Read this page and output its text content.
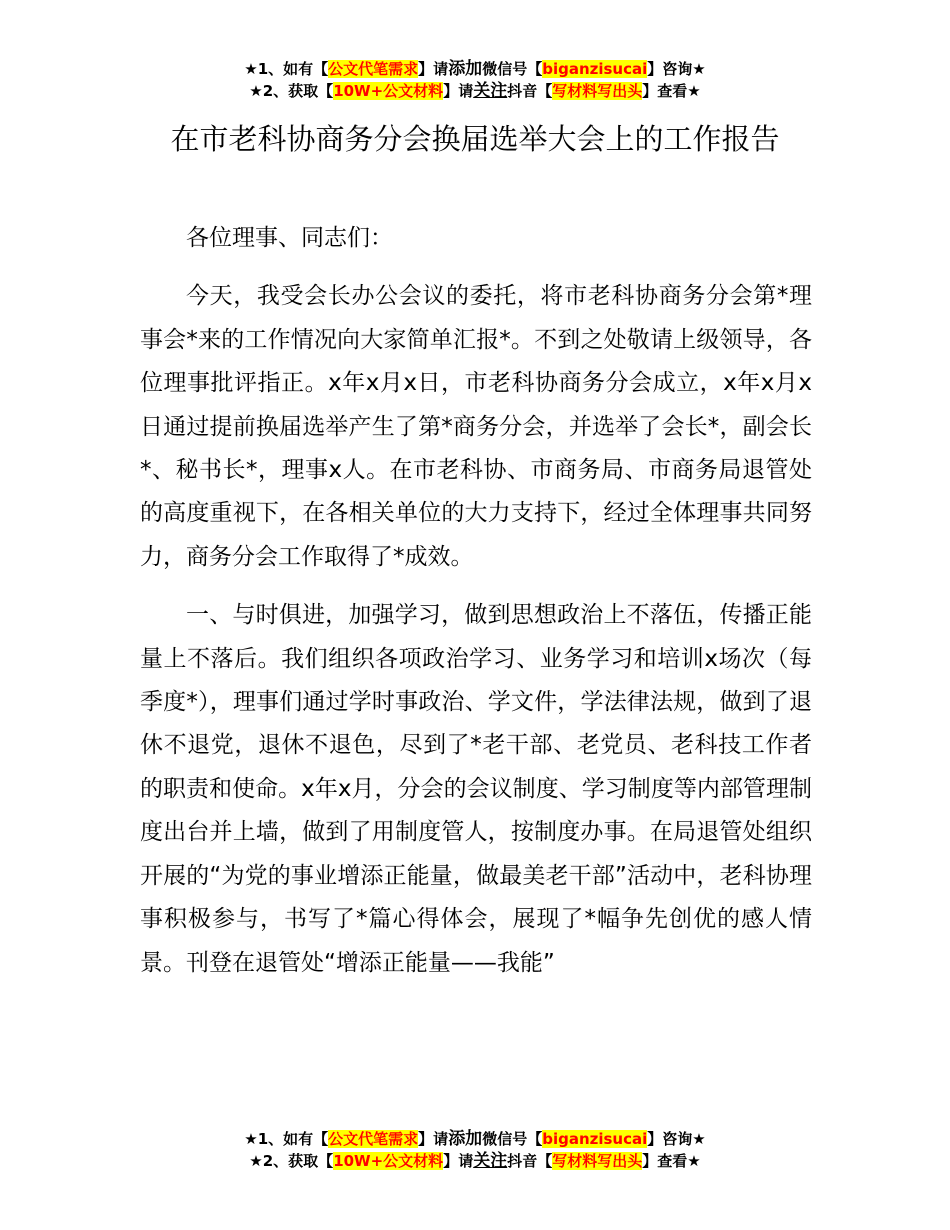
★1、如有【公文代笔需求】请添加微信号【biganzisucai】咨询★
★2、获取【10W+公文材料】请关注抖音【写材料写出头】查看★
在市老科协商务分会换届选举大会上的工作报告

各位理事、同志们：

今天，我受会长办公会议的委托，将市老科协商务分会第*理事会*来的工作情况向大家简单汇报*。不到之处敬请上级领导，各位理事批评指正。x年x月x日，市老科协商务分会成立，x年x月x日通过提前换届选举产生了第*商务分会，并选举了会长*，副会长*、秘书长*，理事x人。在市老科协、市商务局、市商务局退管处的高度重视下，在各相关单位的大力支持下，经过全体理事共同努力，商务分会工作取得了*成效。

一、与时俱进，加强学习，做到思想政治上不落伍，传播正能量上不落后。我们组织各项政治学习、业务学习和培训x场次（每季度*），理事们通过学时事政治、学文件，学法律法规，做到了退休不退党，退休不退色，尽到了*老干部、老党员、老科技工作者的职责和使命。x年x月，分会的会议制度、学习制度等内部管理制度出台并上墙，做到了用制度管人，按制度办事。在局退管处组织开展的“为党的事业增添正能量，做最美老干部”活动中，老科协理事积极参与，书写了*篇心得体会，展现了*幅争先创优的感人情景。刊登在退管处“增添正能量——我能”

★1、如有【公文代笔需求】请添加微信号【biganzisucai】咨询★
★2、获取【10W+公文材料】请关注抖音【写材料写出头】查看★
